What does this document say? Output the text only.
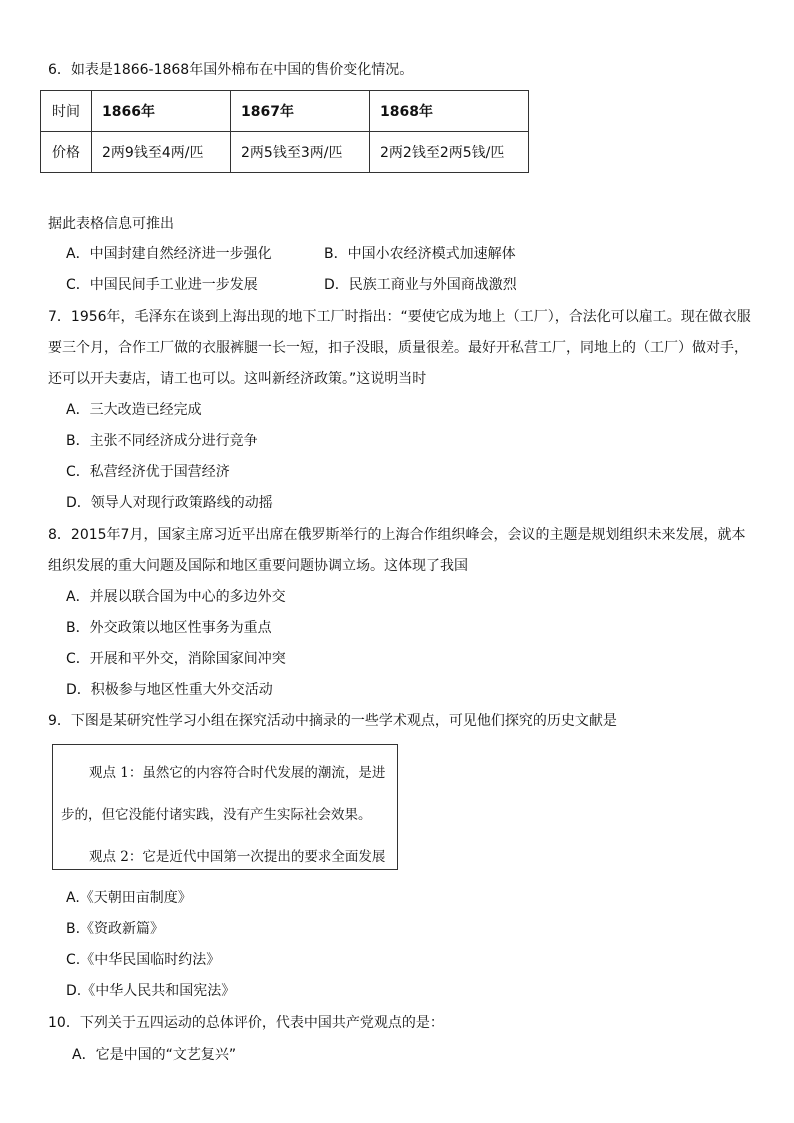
6．如表是1866-1868年国外棉布在中国的售价变化情况。
时间	1866年	1867年	1868年
价格	2两9钱至4两/匹	2两5钱至3两/匹	2两2钱至2两5钱/匹
据此表格信息可推出
A．中国封建自然经济进一步强化	B．中国小农经济模式加速解体
C．中国民间手工业进一步发展	D．民族工商业与外国商战激烈
7．1956年，毛泽东在谈到上海出现的地下工厂时指出：“要使它成为地上（工厂），合法化可以雇工。现在做衣服
要三个月，合作工厂做的衣服裤腿一长一短，扣子没眼，质量很差。最好开私营工厂，同地上的（工厂）做对手，
还可以开夫妻店，请工也可以。这叫新经济政策。”这说明当时
A．三大改造已经完成
B．主张不同经济成分进行竞争
C．私营经济优于国营经济
D．领导人对现行政策路线的动摇
8．2015年7月，国家主席习近平出席在俄罗斯举行的上海合作组织峰会，会议的主题是规划组织未来发展，就本
组织发展的重大问题及国际和地区重要问题协调立场。这体现了我国
A．并展以联合国为中心的多边外交
B．外交政策以地区性事务为重点
C．开展和平外交，消除国家间冲突
D．积极参与地区性重大外交活动
9．下图是某研究性学习小组在探究活动中摘录的一些学术观点，可见他们探究的历史文献是
观点 1：虽然它的内容符合时代发展的潮流，是进
步的，但它没能付诸实践，没有产生实际社会效果。
观点 2：它是近代中国第一次提出的要求全面发展
A.《天朝田亩制度》
B.《资政新篇》
C.《中华民国临时约法》
D.《中华人民共和国宪法》
10．下列关于五四运动的总体评价，代表中国共产党观点的是：
A．它是中国的“文艺复兴”
